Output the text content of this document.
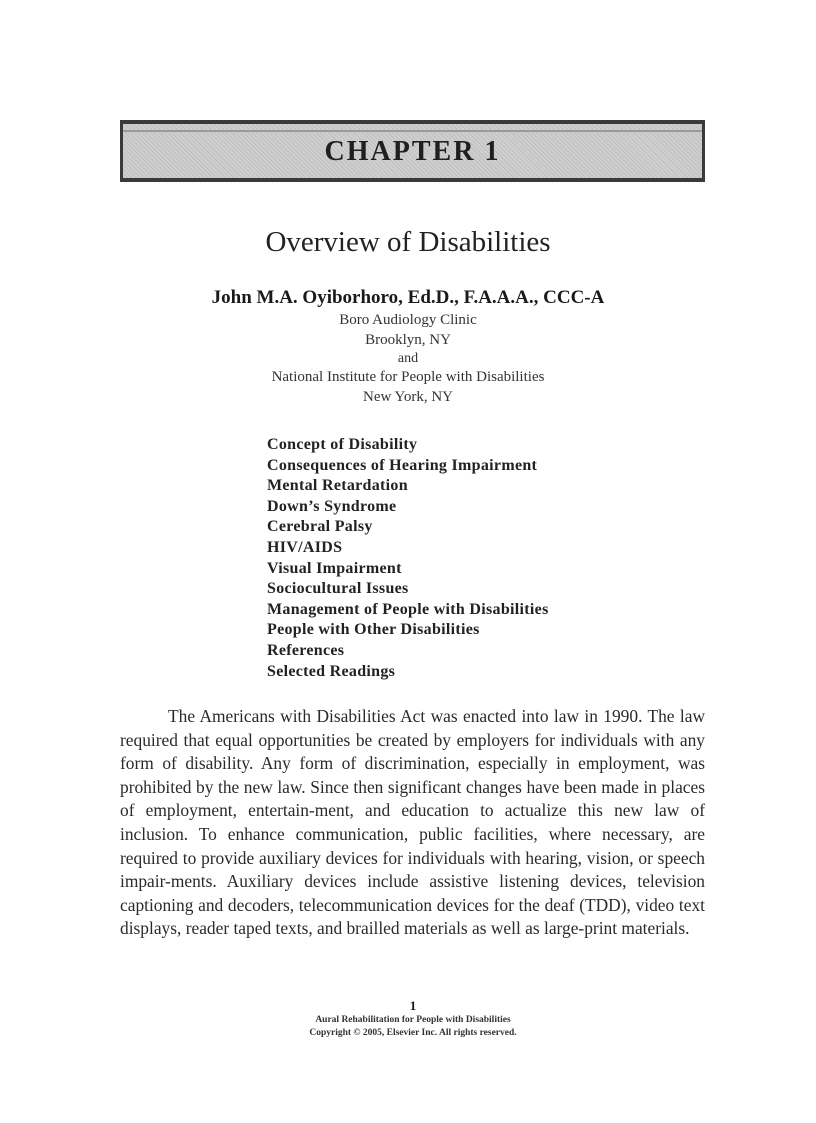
CHAPTER 1
Overview of Disabilities
John M.A. Oyiborhoro, Ed.D., F.A.A.A., CCC-A
Boro Audiology Clinic
Brooklyn, NY
and
National Institute for People with Disabilities
New York, NY
Concept of Disability
Consequences of Hearing Impairment
Mental Retardation
Down’s Syndrome
Cerebral Palsy
HIV/AIDS
Visual Impairment
Sociocultural Issues
Management of People with Disabilities
People with Other Disabilities
References
Selected Readings

The Americans with Disabilities Act was enacted into law in 1990. The law required that equal opportunities be created by employers for individuals with any form of disability. Any form of discrimination, especially in employment, was prohibited by the new law. Since then significant changes have been made in places of employment, entertain-ment, and education to actualize this new law of inclusion. To enhance communication, public facilities, where necessary, are required to provide auxiliary devices for individuals with hearing, vision, or speech impair-ments. Auxiliary devices include assistive listening devices, television captioning and decoders, telecommunication devices for the deaf (TDD), video text displays, reader taped texts, and brailled materials as well as large-print materials.

1
Aural Rehabilitation for People with Disabilities
Copyright © 2005, Elsevier Inc. All rights reserved.
